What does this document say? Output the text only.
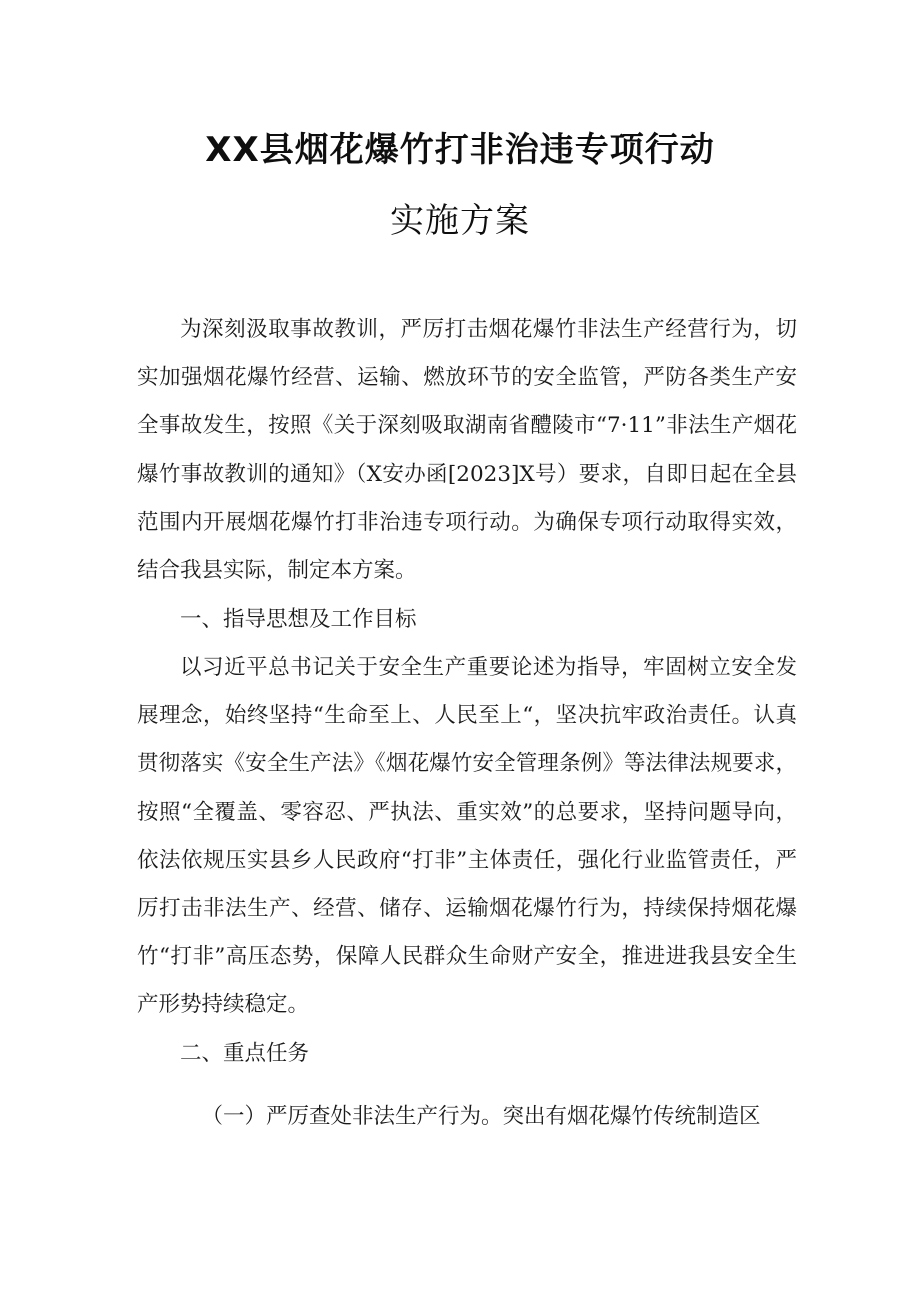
XX县烟花爆竹打非治违专项行动
实施方案

为深刻汲取事故教训，严厉打击烟花爆竹非法生产经营行为，切实加强烟花爆竹经营、运输、燃放环节的安全监管，严防各类生产安全事故发生，按照《关于深刻吸取湖南省醴陵市“7·11”非法生产烟花爆竹事故教训的通知》（X安办函[2023]X号）要求，自即日起在全县范围内开展烟花爆竹打非治违专项行动。为确保专项行动取得实效，结合我县实际，制定本方案。

一、指导思想及工作目标

以习近平总书记关于安全生产重要论述为指导，牢固树立安全发展理念，始终坚持“生命至上、人民至上“，坚决抗牢政治责任。认真贯彻落实《安全生产法》《烟花爆竹安全管理条例》等法律法规要求，按照“全覆盖、零容忍、严执法、重实效”的总要求，坚持问题导向，依法依规压实县乡人民政府“打非”主体责任，强化行业监管责任，严厉打击非法生产、经营、储存、运输烟花爆竹行为，持续保持烟花爆竹“打非”高压态势，保障人民群众生命财产安全，推进进我县安全生产形势持续稳定。

二、重点任务

（一）严厉查处非法生产行为。突出有烟花爆竹传统制造区
